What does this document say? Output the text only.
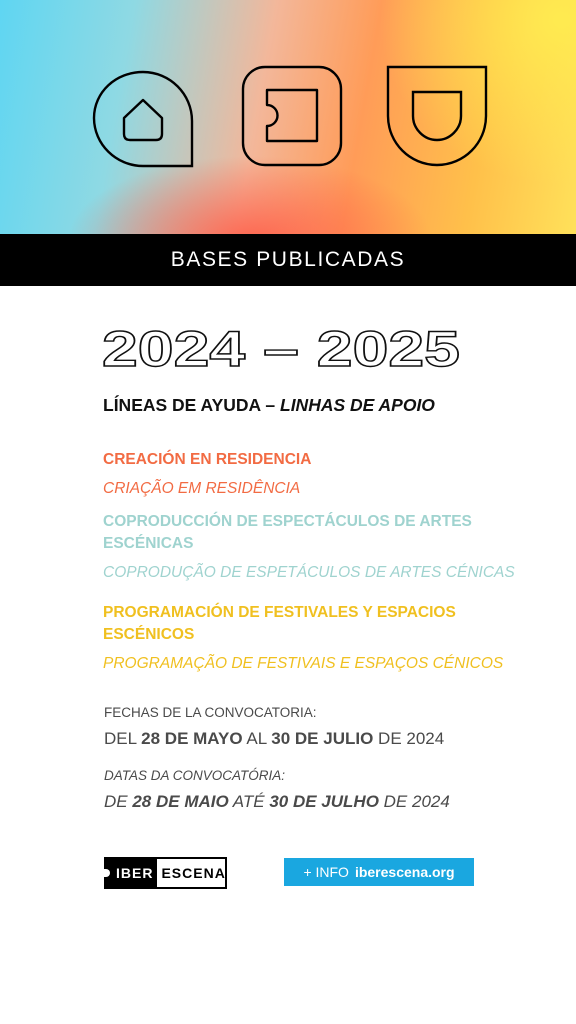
BASES PUBLICADAS
2024 – 2025
LÍNEAS DE AYUDA – LINHAS DE APOIO
CREACIÓN EN RESIDENCIA
CRIAÇÃO EM RESIDÊNCIA
COPRODUCCIÓN DE ESPECTÁCULOS DE ARTES ESCÉNICAS
COPRODUÇÃO DE ESPETÁCULOS DE ARTES CÉNICAS
PROGRAMACIÓN DE FESTIVALES Y ESPACIOS ESCÉNICOS
PROGRAMAÇÃO DE FESTIVAIS E ESPAÇOS CÉNICOS
FECHAS DE LA CONVOCATORIA:
DEL 28 DE MAYO AL 30 DE JULIO DE 2024
DATAS DA CONVOCATÓRIA:
DE 28 DE MAIO ATÉ 30 DE JULHO DE 2024
IBER ESCENA	+ INFO iberescena.org
